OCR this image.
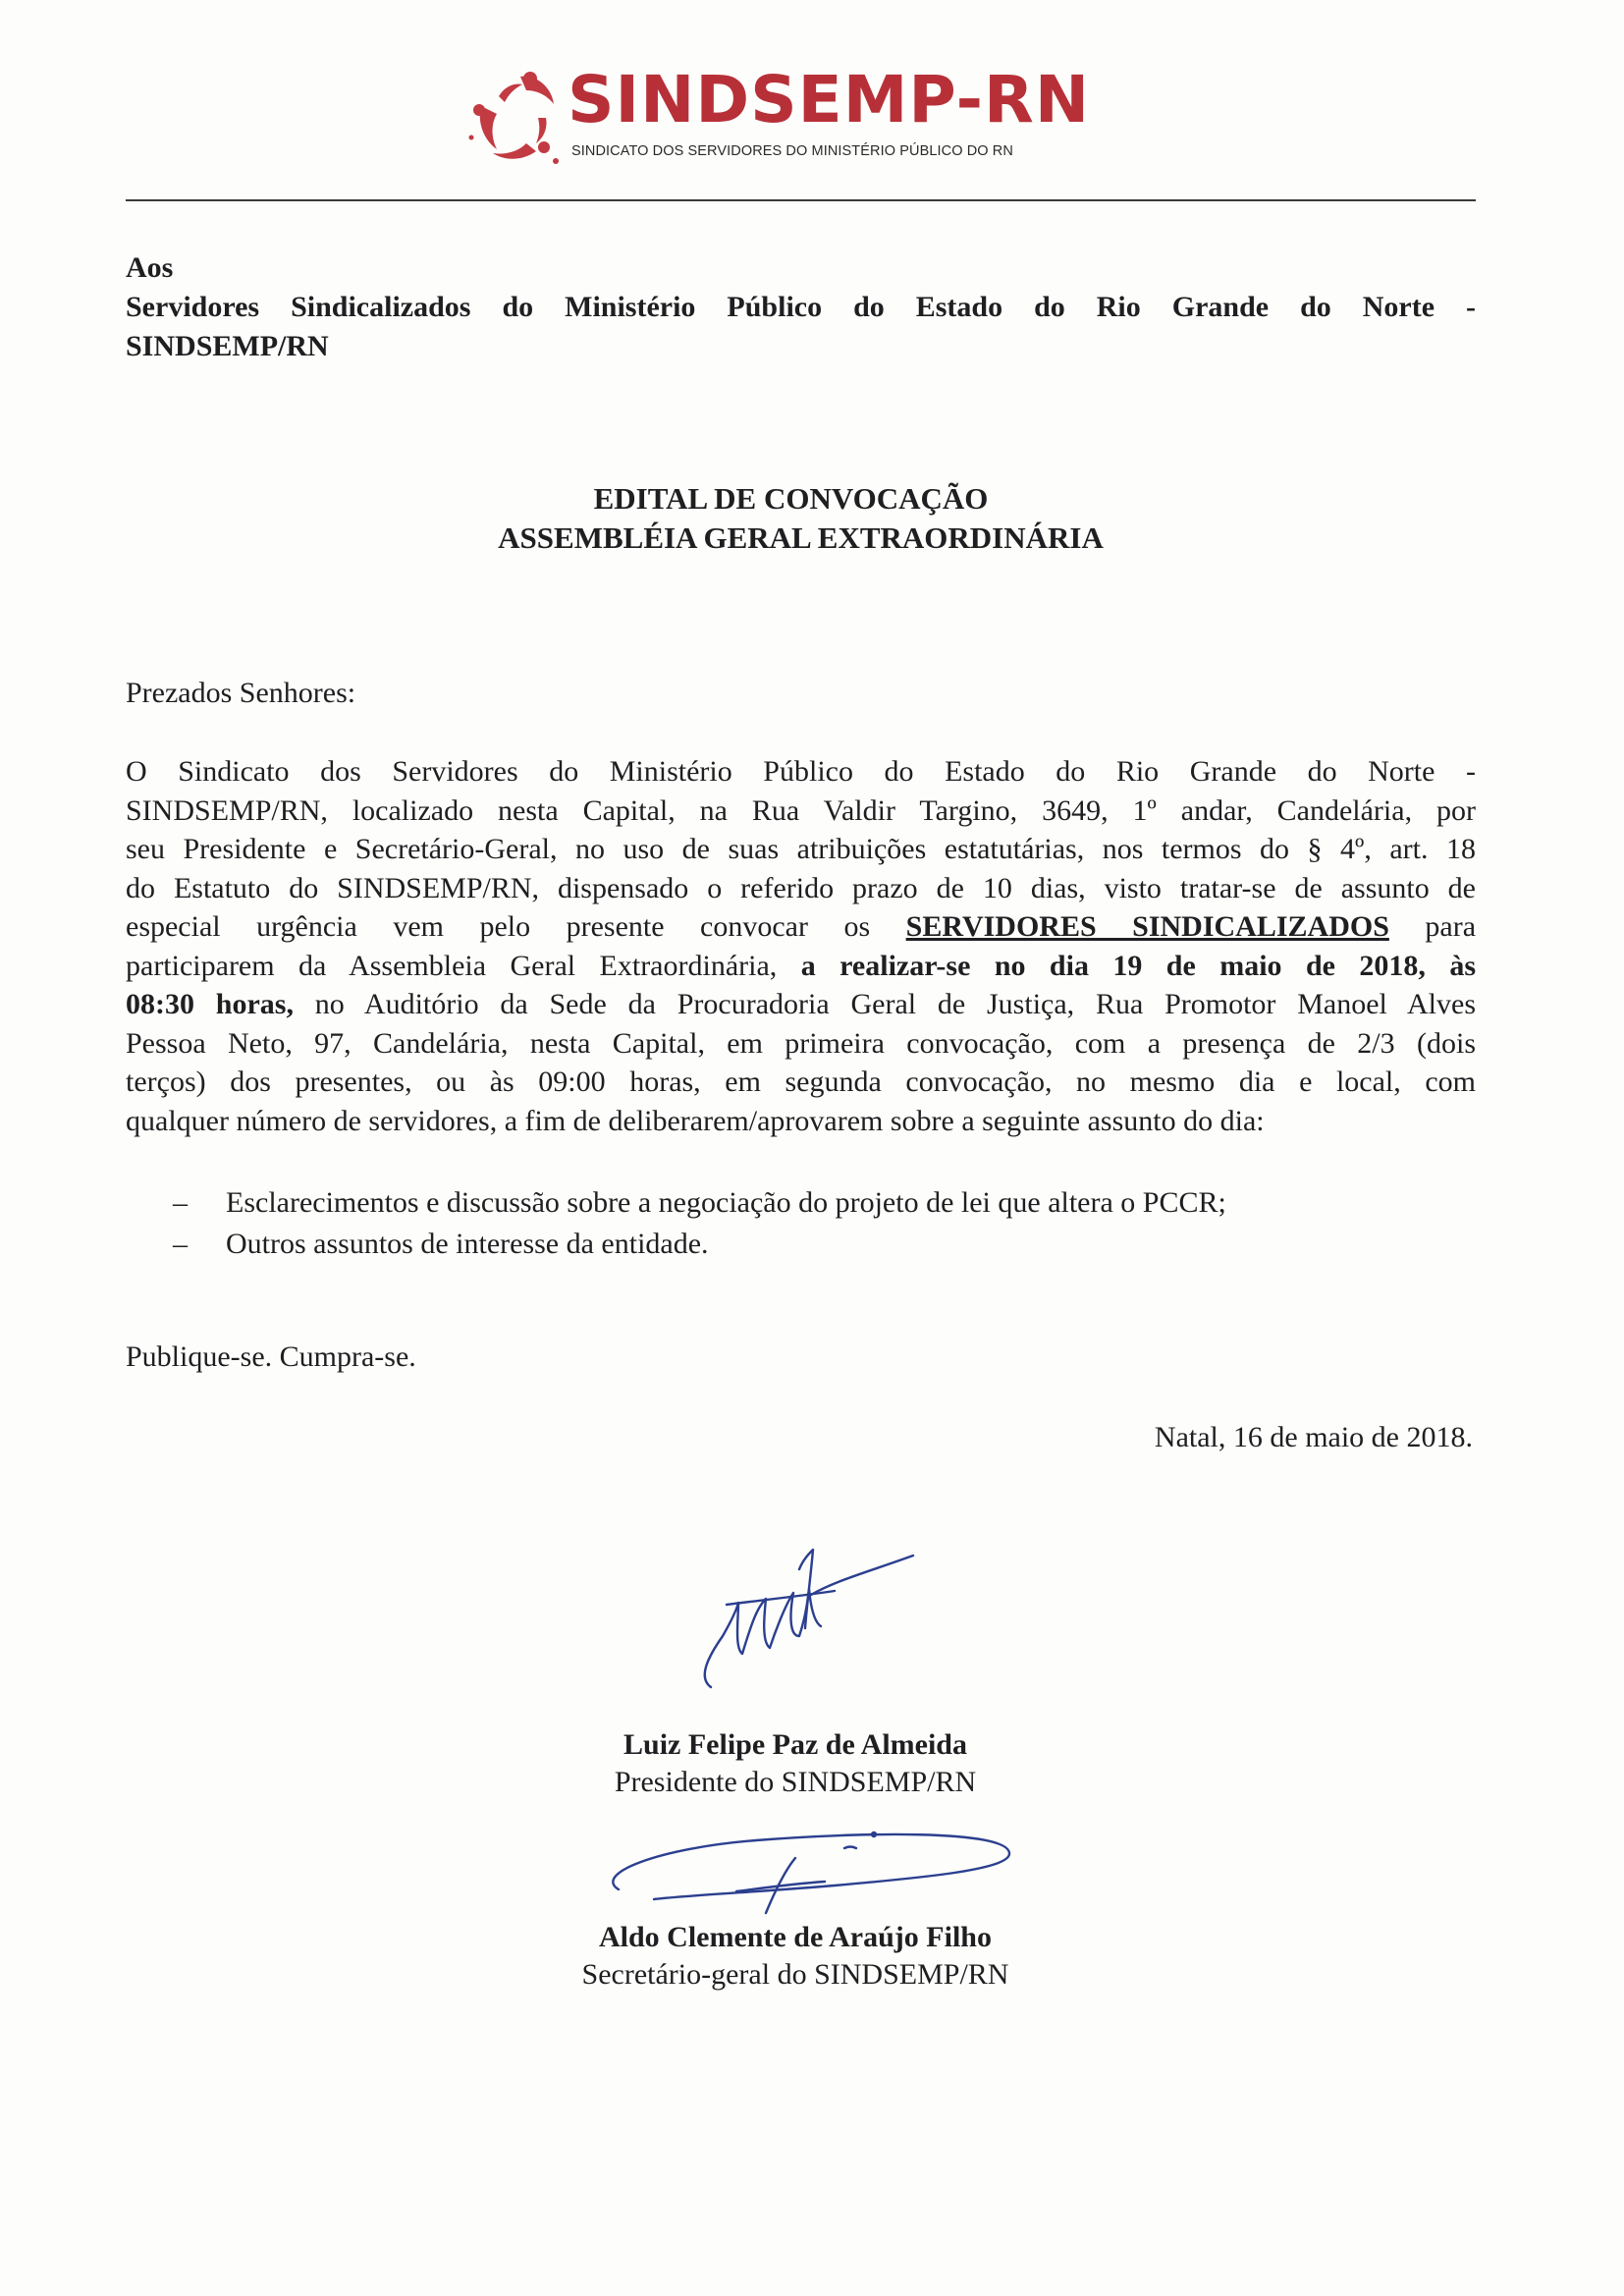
SINDSEMP-RN
SINDICATO DOS SERVIDORES DO MINISTÉRIO PÚBLICO DO RN
Aos
Servidores Sindicalizados do Ministério Público do Estado do Rio Grande do Norte -
SINDSEMP/RN
EDITAL DE CONVOCAÇÃO
ASSEMBLÉIA GERAL EXTRAORDINÁRIA
Prezados Senhores:
O Sindicato dos Servidores do Ministério Público do Estado do Rio Grande do Norte -
SINDSEMP/RN, localizado nesta Capital, na Rua Valdir Targino, 3649, 1º andar, Candelária, por
seu Presidente e Secretário-Geral, no uso de suas atribuições estatutárias, nos termos do § 4º, art. 18
do Estatuto do SINDSEMP/RN, dispensado o referido prazo de 10 dias, visto tratar-se de assunto de
especial urgência vem pelo presente convocar os SERVIDORES SINDICALIZADOS para
participarem da Assembleia Geral Extraordinária, a realizar-se no dia 19 de maio de 2018, às
08:30 horas, no Auditório da Sede da Procuradoria Geral de Justiça, Rua Promotor Manoel Alves
Pessoa Neto, 97, Candelária, nesta Capital, em primeira convocação, com a presença de 2/3 (dois
terços) dos presentes, ou às 09:00 horas, em segunda convocação, no mesmo dia e local, com
qualquer número de servidores, a fim de deliberarem/aprovarem sobre a seguinte assunto do dia:
– Esclarecimentos e discussão sobre a negociação do projeto de lei que altera o PCCR;
– Outros assuntos de interesse da entidade.
Publique-se. Cumpra-se.
Natal, 16 de maio de 2018.
Luiz Felipe Paz de Almeida
Presidente do SINDSEMP/RN
Aldo Clemente de Araújo Filho
Secretário-geral do SINDSEMP/RN
